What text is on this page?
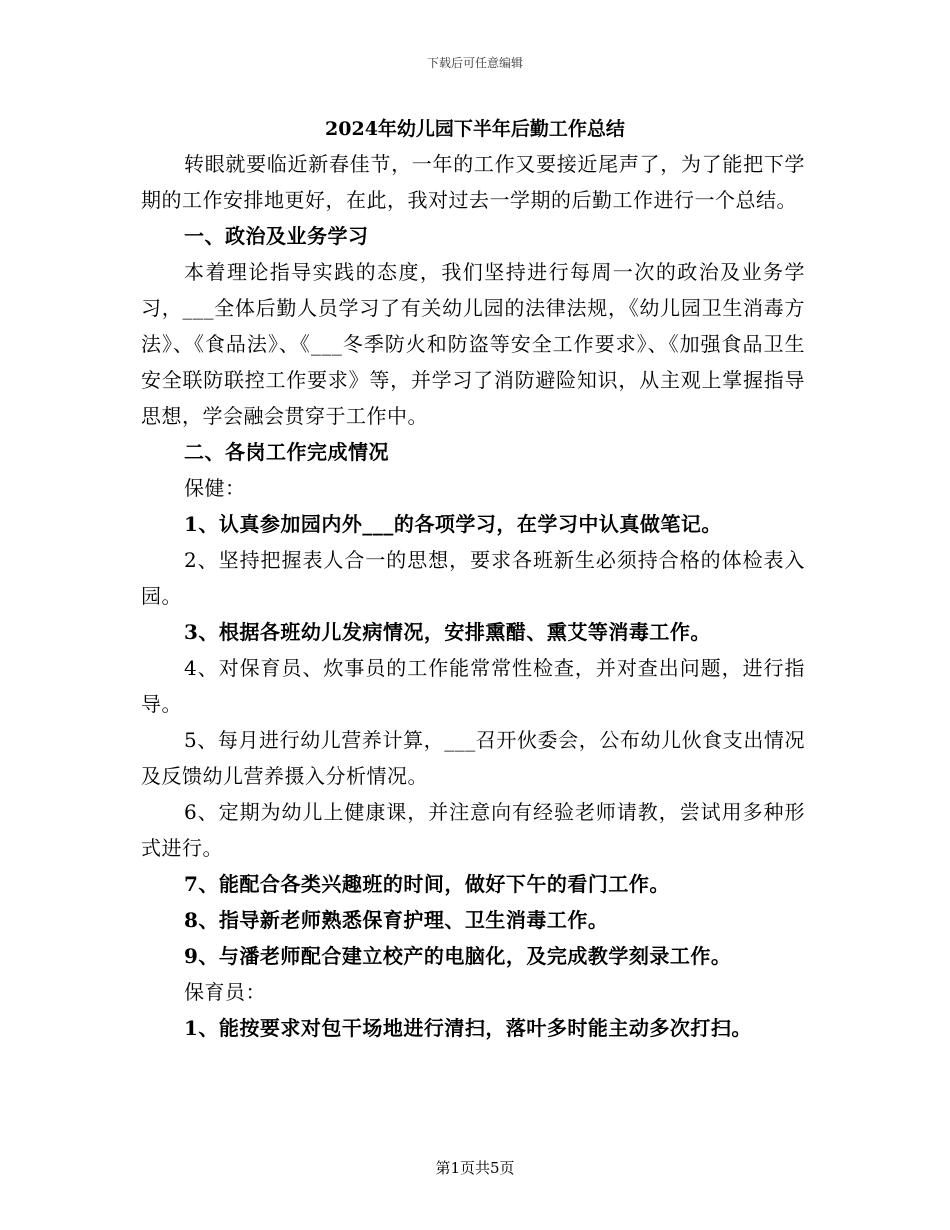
下载后可任意编辑
2024年幼儿园下半年后勤工作总结

转眼就要临近新春佳节，一年的工作又要接近尾声了，为了能把下学期的工作安排地更好，在此，我对过去一学期的后勤工作进行一个总结。

一、政治及业务学习

本着理论指导实践的态度，我们坚持进行每周一次的政治及业务学习，___全体后勤人员学习了有关幼儿园的法律法规，《幼儿园卫生消毒方法》、《食品法》、《___冬季防火和防盗等安全工作要求》、《加强食品卫生安全联防联控工作要求》等，并学习了消防避险知识，从主观上掌握指导思想，学会融会贯穿于工作中。

二、各岗工作完成情况

保健：

1、认真参加园内外___的各项学习，在学习中认真做笔记。

2、坚持把握表人合一的思想，要求各班新生必须持合格的体检表入园。

3、根据各班幼儿发病情况，安排熏醋、熏艾等消毒工作。

4、对保育员、炊事员的工作能常常性检查，并对查出问题，进行指导。

5、每月进行幼儿营养计算，___召开伙委会，公布幼儿伙食支出情况及反馈幼儿营养摄入分析情况。

6、定期为幼儿上健康课，并注意向有经验老师请教，尝试用多种形式进行。

7、能配合各类兴趣班的时间，做好下午的看门工作。

8、指导新老师熟悉保育护理、卫生消毒工作。

9、与潘老师配合建立校产的电脑化，及完成教学刻录工作。

保育员：

1、能按要求对包干场地进行清扫，落叶多时能主动多次打扫。

第1页共5页
